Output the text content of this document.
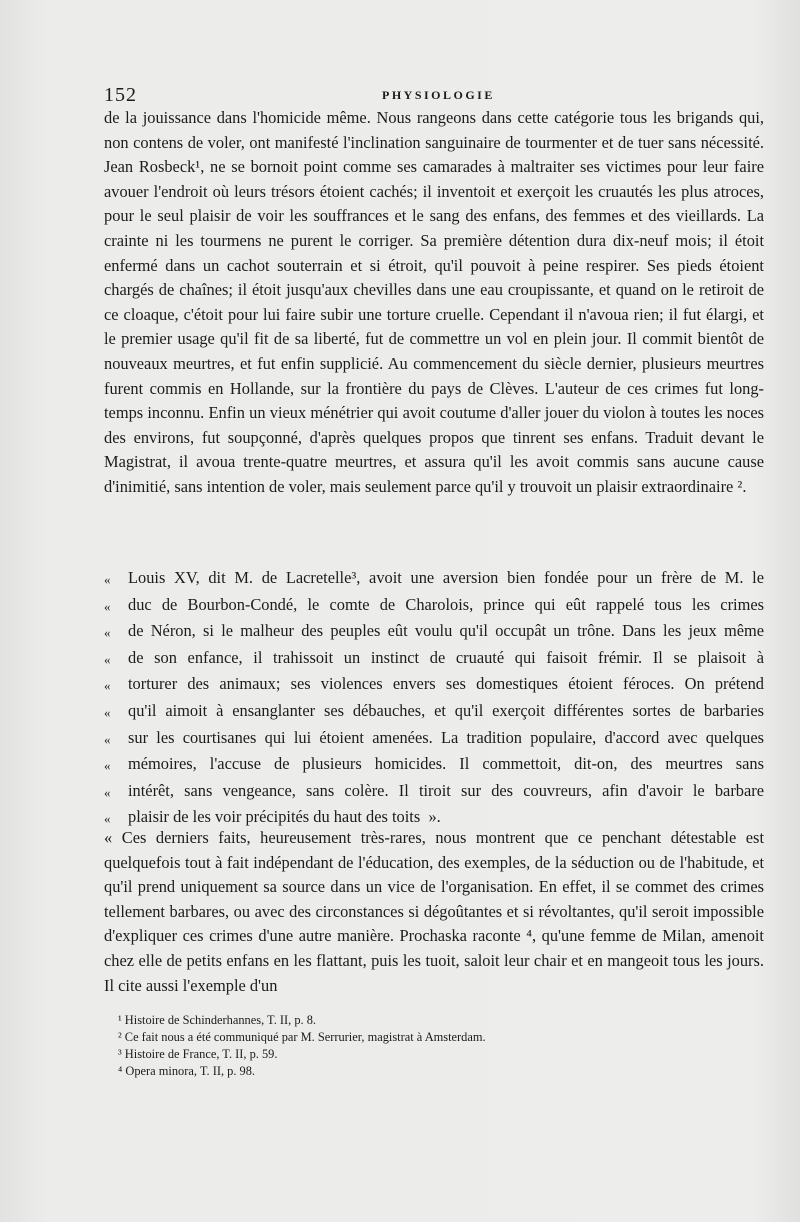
152	PHYSIOLOGIE

de la jouissance dans l'homicide même. Nous rangeons dans cette catégorie tous les brigands qui, non contens de voler, ont manifesté l'inclination sanguinaire de tourmenter et de tuer sans nécessité. Jean Rosbeck¹, ne se bornoit point comme ses camarades à maltraiter ses victimes pour leur faire avouer l'endroit où leurs trésors étoient cachés; il inventoit et exerçoit les cruautés les plus atroces, pour le seul plaisir de voir les souffrances et le sang des enfans, des femmes et des vieillards. La crainte ni les tourmens ne purent le corriger. Sa première détention dura dix-neuf mois; il étoit enfermé dans un cachot souterrain et si étroit, qu'il pouvoit à peine respirer. Ses pieds étoient chargés de chaînes; il étoit jusqu'aux chevilles dans une eau croupissante, et quand on le retiroit de ce cloaque, c'étoit pour lui faire subir une torture cruelle. Cependant il n'avoua rien; il fut élargi, et le premier usage qu'il fit de sa liberté, fut de commettre un vol en plein jour. Il commit bientôt de nouveaux meurtres, et fut enfin supplicié. Au commencement du siècle dernier, plusieurs meurtres furent commis en Hollande, sur la frontière du pays de Clèves. L'auteur de ces crimes fut long-temps inconnu. Enfin un vieux ménétrier qui avoit coutume d'aller jouer du violon à toutes les noces des environs, fut soupçonné, d'après quelques propos que tinrent ses enfans. Traduit devant le Magistrat, il avoua trente-quatre meurtres, et assura qu'il les avoit commis sans aucune cause d'inimitié, sans intention de voler, mais seulement parce qu'il y trouvoit un plaisir extraordinaire ².

«	Louis XV, dit M. de Lacretelle³, avoit une aversion bien fondée pour un frère de M. le
«	duc de Bourbon-Condé, le comte de Charolois, prince qui eût rappelé tous les crimes
«	de Néron, si le malheur des peuples eût voulu qu'il occupât un trône. Dans les jeux même
«	de son enfance, il trahissoit un instinct de cruauté qui faisoit frémir. Il se plaisoit à
«	torturer des animaux; ses violences envers ses domestiques étoient féroces. On prétend
«	qu'il aimoit à ensanglanter ses débauches, et qu'il exerçoit différentes sortes de barbaries
«	sur les courtisanes qui lui étoient amenées. La tradition populaire, d'accord avec quelques
«	mémoires, l'accuse de plusieurs homicides. Il commettoit, dit-on, des meurtres sans
«	intérêt, sans vengeance, sans colère. Il tiroit sur des couvreurs, afin d'avoir le barbare
«	plaisir de les voir précipités du haut des toits ».

« Ces derniers faits, heureusement très-rares, nous montrent que ce penchant détestable est quelquefois tout à fait indépendant de l'éducation, des exemples, de la séduction ou de l'habitude, et qu'il prend uniquement sa source dans un vice de l'organisation. En effet, il se commet des crimes tellement barbares, ou avec des circonstances si dégoûtantes et si révoltantes, qu'il seroit impossible d'expliquer ces crimes d'une autre manière. Prochaska raconte ⁴, qu'une femme de Milan, amenoit chez elle de petits enfans en les flattant, puis les tuoit, saloit leur chair et en mangeoit tous les jours. Il cite aussi l'exemple d'un

¹ Histoire de Schinderhannes, T. II, p. 8.
² Ce fait nous a été communiqué par M. Serrurier, magistrat à Amsterdam.
³ Histoire de France, T. II, p. 59.
⁴ Opera minora, T. II, p. 98.
